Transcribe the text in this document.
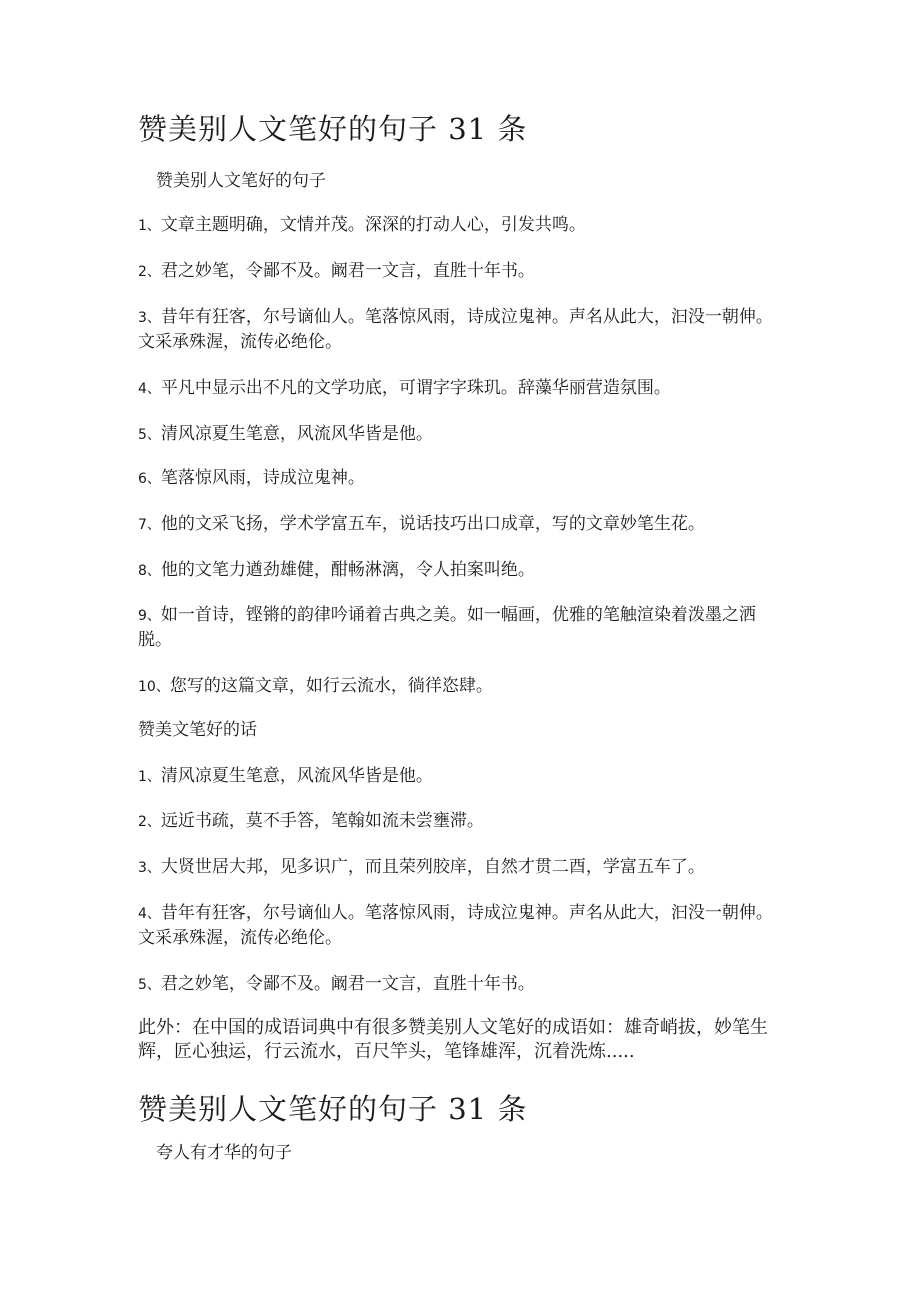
赞美别人文笔好的句子 31 条
赞美别人文笔好的句子

1、文章主题明确，文情并茂。深深的打动人心，引发共鸣。

2、君之妙笔，令鄙不及。阚君一文言，直胜十年书。

3、昔年有狂客，尔号谪仙人。笔落惊风雨，诗成泣鬼神。声名从此大，汩没一朝伸。文采承殊渥，流传必绝伦。

4、平凡中显示出不凡的文学功底，可谓字字珠玑。辞藻华丽营造氛围。

5、清风凉夏生笔意，风流风华皆是他。

6、笔落惊风雨，诗成泣鬼神。

7、他的文采飞扬，学术学富五车，说话技巧出口成章，写的文章妙笔生花。

8、他的文笔力遒劲雄健，酣畅淋漓，令人拍案叫绝。

9、如一首诗，铿锵的韵律吟诵着古典之美。如一幅画，优雅的笔触渲染着泼墨之洒脱。

10、您写的这篇文章，如行云流水，徜徉恣肆。

赞美文笔好的话

1、清风凉夏生笔意，风流风华皆是他。

2、远近书疏，莫不手答，笔翰如流未尝壅滞。

3、大贤世居大邦，见多识广，而且荣列胶庠，自然才贯二酉，学富五车了。

4、昔年有狂客，尔号谪仙人。笔落惊风雨，诗成泣鬼神。声名从此大，汩没一朝伸。文采承殊渥，流传必绝伦。

5、君之妙笔，令鄙不及。阚君一文言，直胜十年书。

此外：在中国的成语词典中有很多赞美别人文笔好的成语如：雄奇峭拔，妙笔生辉，匠心独运，行云流水，百尺竿头，笔锋雄浑，沉着洗炼.....

赞美别人文笔好的句子 31 条
夸人有才华的句子
